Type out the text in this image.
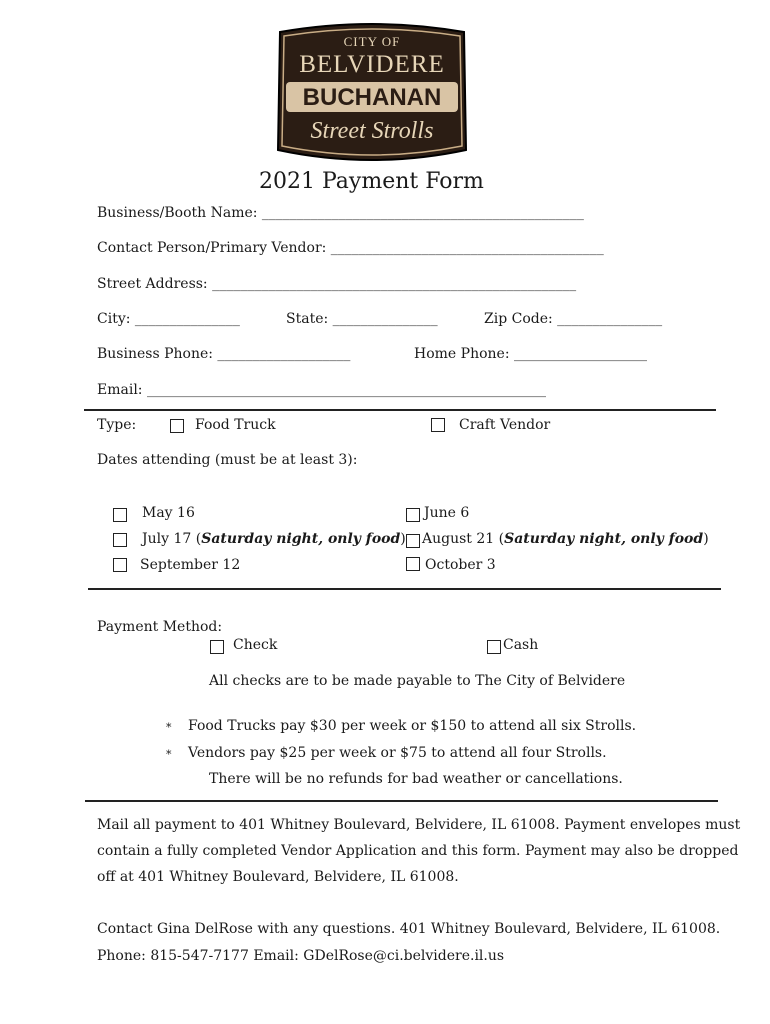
CITY OF
BELVIDERE
BUCHANAN
Street Strolls
2021 Payment Form
Business/Booth Name: ______________________________________________
Contact Person/Primary Vendor: _______________________________________
Street Address: ____________________________________________________
City: _______________	State: _______________	Zip Code: _______________
Business Phone: ___________________	Home Phone: ___________________
Email: _________________________________________________________
Type:	Food Truck	Craft Vendor
Dates attending (must be at least 3):
May 16	June 6
July 17 (Saturday night, only food) August 21 (Saturday night, only food)
September 12	October 3
Payment Method:
Check	Cash
All checks are to be made payable to The City of Belvidere
* Food Trucks pay $30 per week or $150 to attend all six Strolls.
* Vendors pay $25 per week or $75 to attend all four Strolls.
There will be no refunds for bad weather or cancellations.
Mail all payment to 401 Whitney Boulevard, Belvidere, IL 61008. Payment envelopes must
contain a fully completed Vendor Application and this form. Payment may also be dropped
off at 401 Whitney Boulevard, Belvidere, IL 61008.
Contact Gina DelRose with any questions. 401 Whitney Boulevard, Belvidere, IL 61008.
Phone: 815-547-7177 Email: GDelRose@ci.belvidere.il.us
